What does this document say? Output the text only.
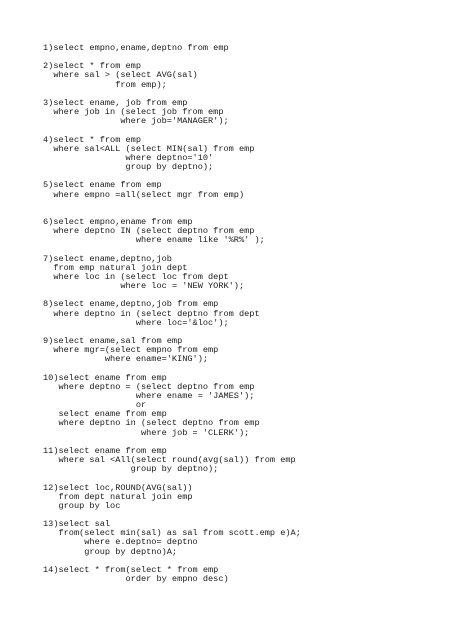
1)select empno,ename,deptno from emp
2)select * from emp
where sal > (select AVG(sal)
from emp);
3)select ename, job from emp
where job in (select job from emp
where job='MANAGER');
4)select * from emp
where sal<ALL (select MIN(sal) from emp
where deptno='10'
group by deptno);
5)select ename from emp
where empno =all(select mgr from emp)
6)select empno,ename from emp
where deptno IN (select deptno from emp
where ename like '%R%' );
7)select ename,deptno,job
from emp natural join dept
where loc in (select loc from dept
where loc = 'NEW YORK');
8)select ename,deptno,job from emp
where deptno in (select deptno from dept
where loc='&loc');
9)select ename,sal from emp
where mgr=(select empno from emp
where ename='KING');
10)select ename from emp
where deptno = (select deptno from emp
where ename = 'JAMES');
or
select ename from emp
where deptno in (select deptno from emp
where job = 'CLERK');
11)select ename from emp
where sal <All(select round(avg(sal)) from emp
group by deptno);
12)select loc,ROUND(AVG(sal))
from dept natural join emp
group by loc
13)select sal
from(select min(sal) as sal from scott.emp e)A;
where e.deptno= deptno
group by deptno)A;
14)select * from(select * from emp
order by empno desc)
